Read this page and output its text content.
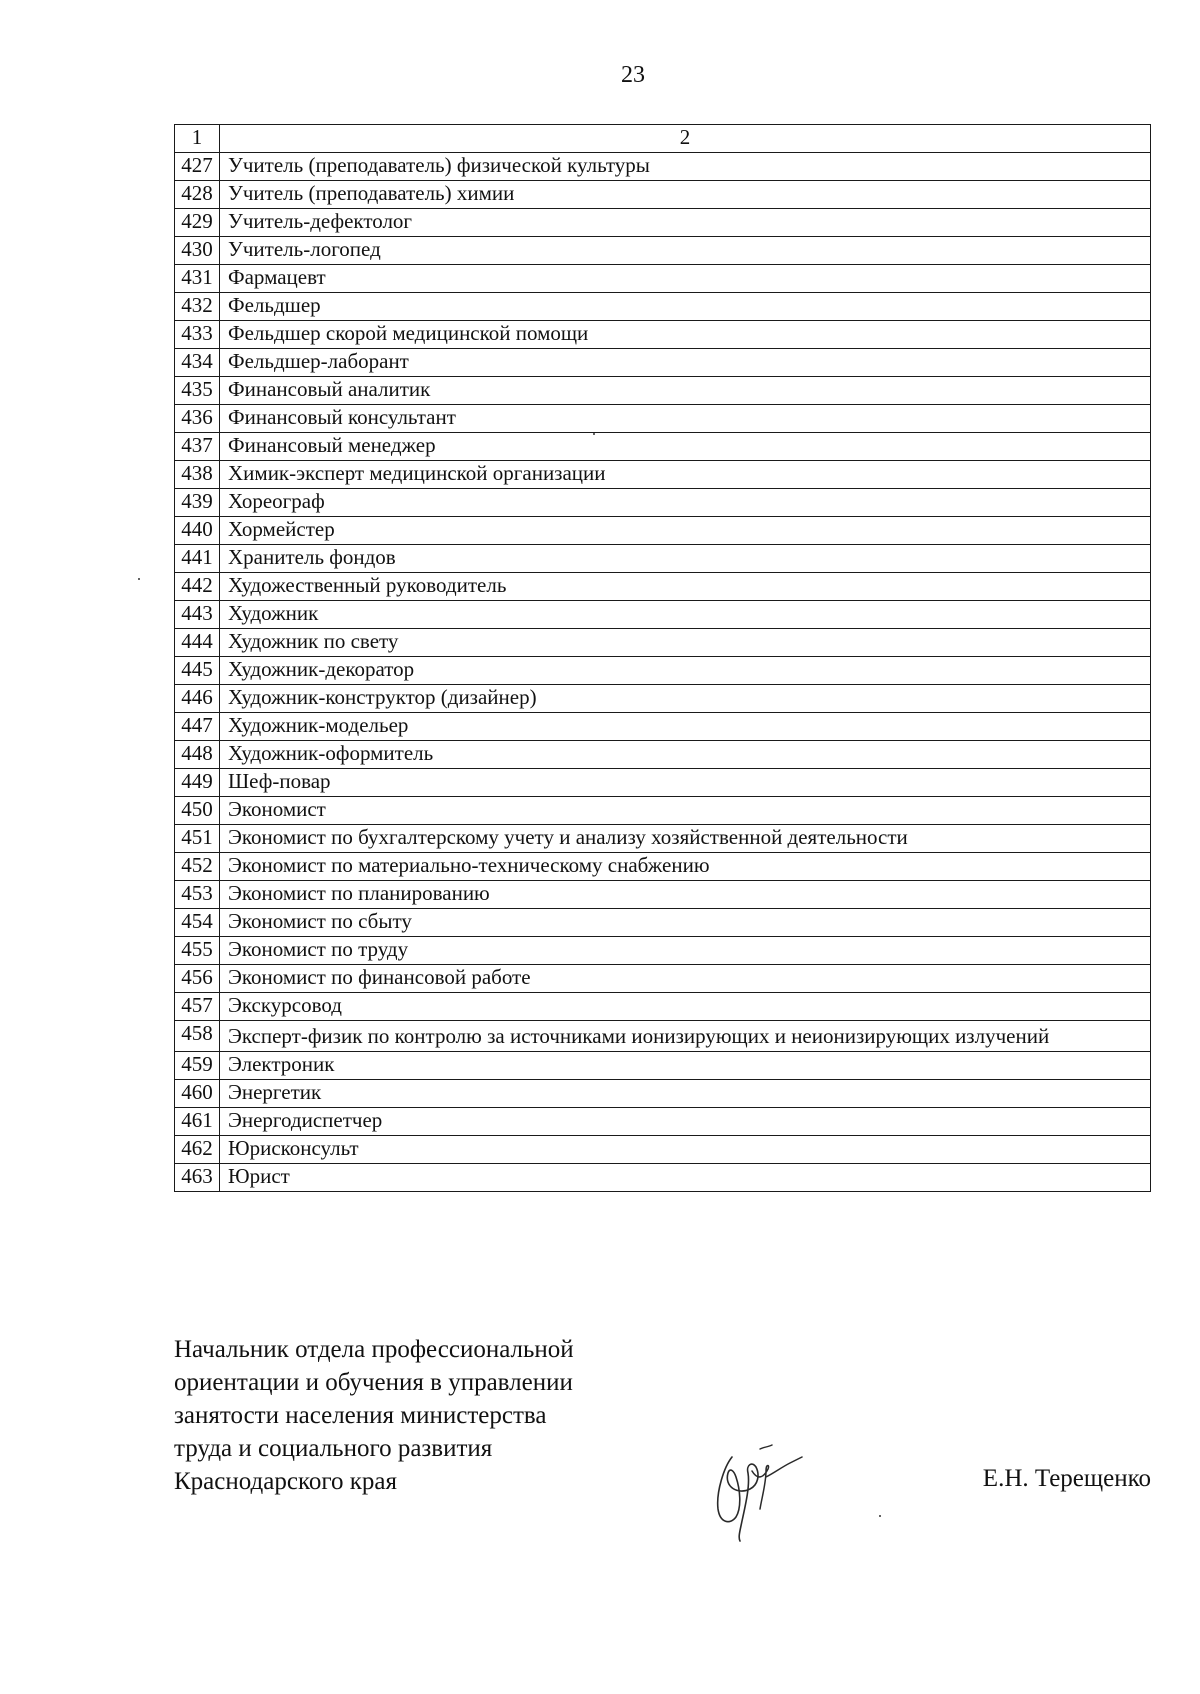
23
1	2
427	Учитель (преподаватель) физической культуры
428	Учитель (преподаватель) химии
429	Учитель-дефектолог
430	Учитель-логопед
431	Фармацевт
432	Фельдшер
433	Фельдшер скорой медицинской помощи
434	Фельдшер-лаборант
435	Финансовый аналитик
436	Финансовый консультант
437	Финансовый менеджер
438	Химик-эксперт медицинской организации
439	Хореограф
440	Хормейстер
441	Хранитель фондов
442	Художественный руководитель
443	Художник
444	Художник по свету
445	Художник-декоратор
446	Художник-конструктор (дизайнер)
447	Художник-модельер
448	Художник-оформитель
449	Шеф-повар
450	Экономист
451	Экономист по бухгалтерскому учету и анализу хозяйственной деятельности
452	Экономист по материально-техническому снабжению
453	Экономист по планированию
454	Экономист по сбыту
455	Экономист по труду
456	Экономист по финансовой работе
457	Экскурсовод
458	Эксперт-физик по контролю за источниками ионизирующих и неионизирующих излучений
459	Электроник
460	Энергетик
461	Энергодиспетчер
462	Юрисконсульт
463	Юрист
Начальник отдела профессиональной
ориентации и обучения в управлении
занятости населения министерства
труда и социального развития
Краснодарского края	Е.Н. Терещенко
